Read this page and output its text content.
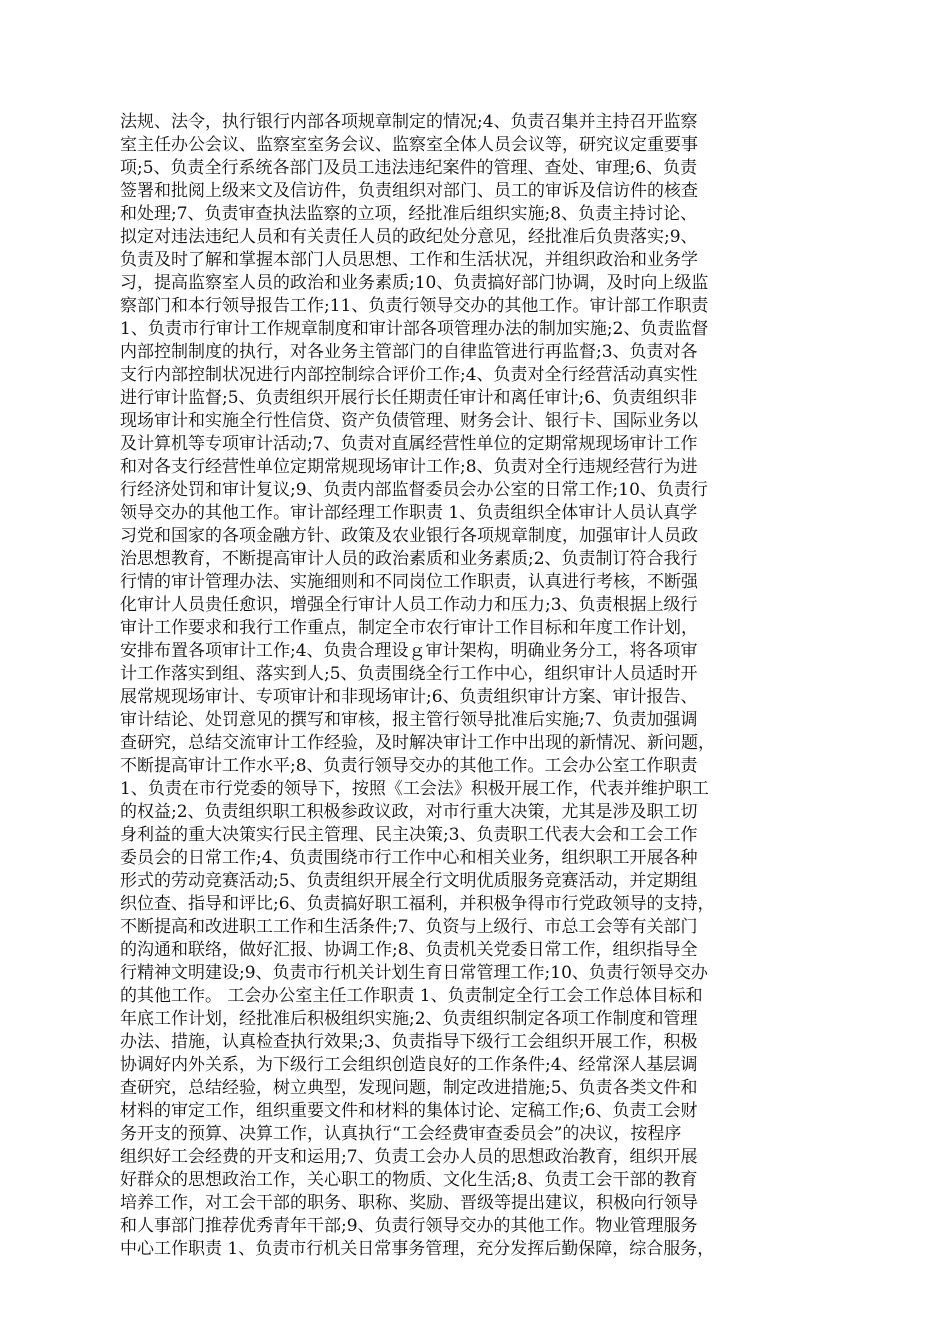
法规、法令，执行银行内部各项规章制定的情况;4、负责召集并主持召开监察
室主任办公会议、监察室室务会议、监察室全体人员会议等，研究议定重要事
项;5、负责全行系统各部门及员工违法违纪案件的管理、查处、审理;6、负责
签署和批阅上级来文及信访件，负责组织对部门、员工的审诉及信访件的核查
和处理;7、负责审查执法监察的立项，经批准后组织实施;8、负责主持讨论、
拟定对违法违纪人员和有关责任人员的政纪处分意见，经批准后负贵落实;9、
负责及时了解和掌握本部门人员思想、工作和生活状况，并组织政治和业务学
习，提高监察室人员的政治和业务素质;10、负责搞好部门协调，及时向上级监
察部门和本行领导报告工作;11、负责行领导交办的其他工作。审计部工作职责
1、负责市行审计工作规章制度和审计部各项管理办法的制加实施;2、负责监督
内部控制制度的执行，对各业务主管部门的自律监管进行再监督;3、负责对各
支行内部控制状况进行内部控制综合评价工作;4、负责对全行经营活动真实性
进行审计监督;5、负责组织开展行长任期责任审计和离任审计;6、负责组织非
现场审计和实施全行性信贷、资产负债管理、财务会计、银行卡、国际业务以
及计算机等专项审计活动;7、负责对直属经营性单位的定期常规现场审计工作
和对各支行经营性单位定期常规现场审计工作;8、负责对全行违规经营行为进
行经济处罚和审计复议;9、负责内部监督委员会办公室的日常工作;10、负责行
领导交办的其他工作。审计部经理工作职责 1、负责组织全体审计人员认真学
习党和国家的各项金融方针、政策及农业银行各项规章制度，加强审计人员政
治思想教育，不断提高审计人员的政治素质和业务素质;2、负责制订符合我行
行情的审计管理办法、实施细则和不同岗位工作职责，认真进行考核，不断强
化审计人员贵任愈识，增强全行审计人员工作动力和压力;3、负责根据上级行
审计工作要求和我行工作重点，制定全市农行审计工作目标和年度工作计划，
安排布置各项审计工作;4、负贵合理设ｇ审计架构，明确业务分工，将各项审
计工作落实到组、落实到人;5、负责围绕全行工作中心，组织审计人员适时开
展常规现场审计、专项审计和非现场审计;6、负责组织审计方案、审计报告、
审计结论、处罚意见的撰写和审核，报主管行领导批准后实施;7、负责加强调
查研究，总结交流审计工作经验，及时解决审计工作中出现的新情况、新问题，
不断提高审计工作水平;8、负责行领导交办的其他工作。工会办公室工作职责
1、负责在市行党委的领导下，按照《工会法》积极开展工作，代表并维护职工
的权益;2、负责组织职工积极参政议政，对市行重大决策，尤其是涉及职工切
身利益的重大决策实行民主管理、民主决策;3、负责职工代表大会和工会工作
委员会的日常工作;4、负责围绕市行工作中心和相关业务，组织职工开展各种
形式的劳动竞赛活动;5、负责组织开展全行文明优质服务竞赛活动，并定期组
织位查、指导和评比;6、负责搞好职工福利，并积极争得市行党政领导的支持，
不断提高和改进职工工作和生活条件;7、负资与上级行、市总工会等有关部门
的沟通和联络，做好汇报、协调工作;8、负责机关党委日常工作，组织指导全
行精神文明建设;9、负责市行机关计划生育日常管理工作;10、负责行领导交办
的其他工作。 工会办公室主任工作职责 1、负责制定全行工会工作总体目标和
年底工作计划，经批准后积极组织实施;2、负责组织制定各项工作制度和管理
办法、措施，认真检查执行效果;3、负责指导下级行工会组织开展工作，积极
协调好内外关系，为下级行工会组织创造良好的工作条件;4、经常深人基层调
查研究，总结经验，树立典型，发现问题，制定改进措施;5、负责各类文件和
材料的审定工作，组织重要文件和材料的集体讨论、定稿工作;6、负责工会财
务开支的预算、决算工作，认真执行“工会经费审查委员会”的决议，按程序
组织好工会经费的开支和运用;7、负责工会办人员的思想政治教育，组织开展
好群众的思想政治工作，关心职工的物质、文化生活;8、负责工会干部的教育
培养工作，对工会干部的职务、职称、奖励、晋级等提出建议，积极向行领导
和人事部门推荐优秀青年干部;9、负责行领导交办的其他工作。物业管理服务
中心工作职责 1、负责市行机关日常事务管理，充分发挥后勤保障，综合服务，
